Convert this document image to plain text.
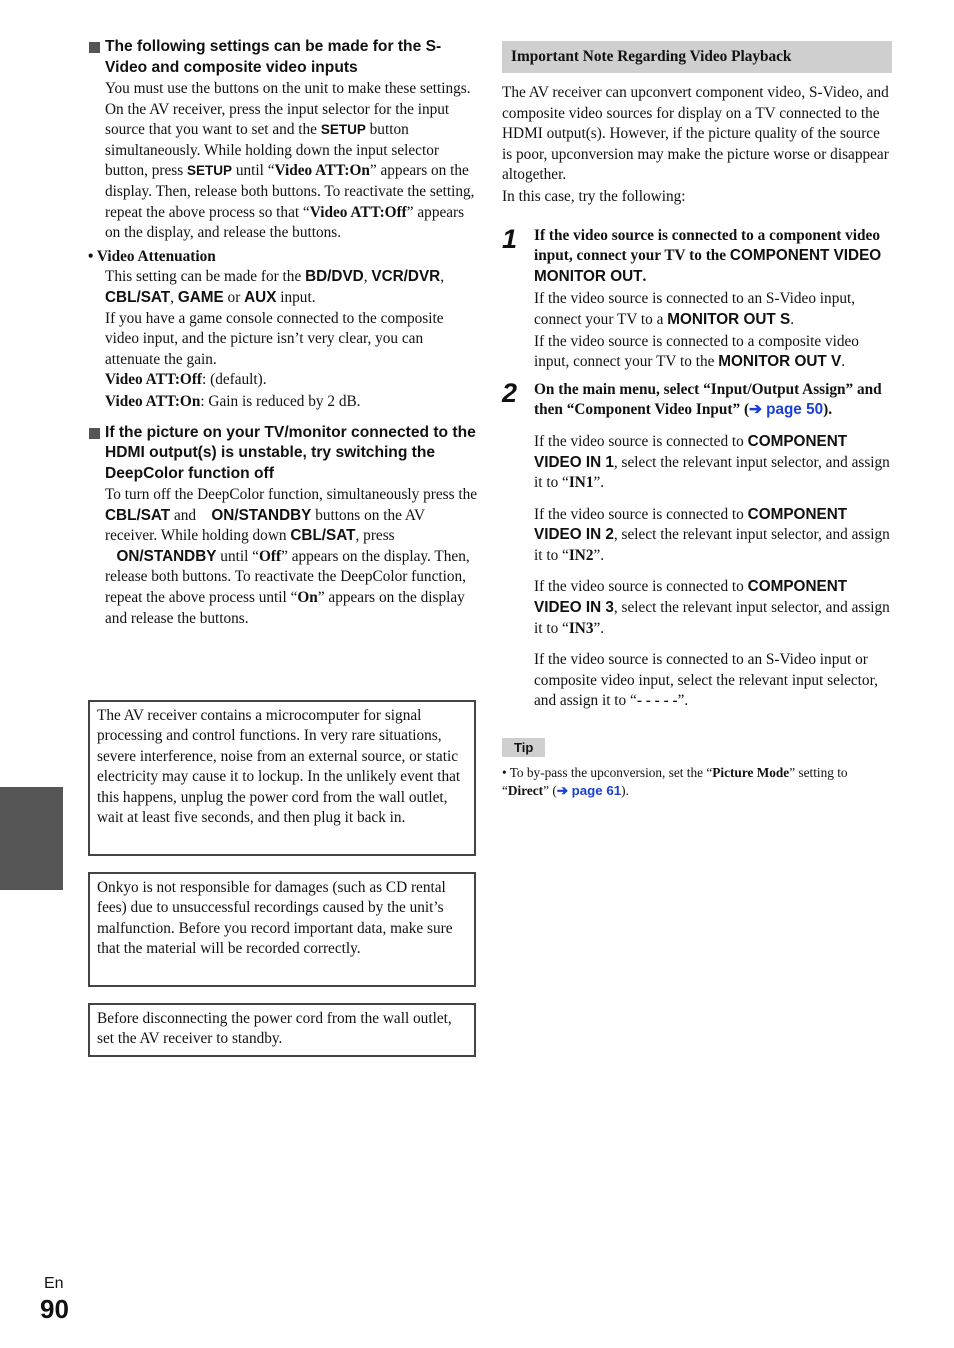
The following settings can be made for the S-Video and composite video inputs

You must use the buttons on the unit to make these settings.

On the AV receiver, press the input selector for the input source that you want to set and the SETUP button simultaneously. While holding down the input selector button, press SETUP until “Video ATT:On” appears on the display. Then, release both buttons. To reactivate the setting, repeat the above process so that “Video ATT:Off” appears on the display, and release the buttons.

• Video Attenuation

This setting can be made for the BD/DVD, VCR/DVR, CBL/SAT, GAME or AUX input.

If you have a game console connected to the composite video input, and the picture isn’t very clear, you can attenuate the gain.

Video ATT:Off: (default).

Video ATT:On: Gain is reduced by 2 dB.

If the picture on your TV/monitor connected to the HDMI output(s) is unstable, try switching the DeepColor function off

To turn off the DeepColor function, simultaneously press the CBL/SAT and    ON/STANDBY buttons on the AV receiver. While holding down CBL/SAT, press
ON/STANDBY until “Off” appears on the display. Then, release both buttons. To reactivate the DeepColor function, repeat the above process until “On” appears on the display and release the buttons.

The AV receiver contains a microcomputer for signal processing and control functions. In very rare situations, severe interference, noise from an external source, or static electricity may cause it to lockup. In the unlikely event that this happens, unplug the power cord from the wall outlet, wait at least five seconds, and then plug it back in.
Onkyo is not responsible for damages (such as CD rental fees) due to unsuccessful recordings caused by the unit’s malfunction. Before you record important data, make sure that the material will be recorded correctly.
Before disconnecting the power cord from the wall outlet, set the AV receiver to standby.
Important Note Regarding Video Playback

The AV receiver can upconvert component video, S-Video, and composite video sources for display on a TV connected to the HDMI output(s). However, if the picture quality of the source is poor, upconversion may make the picture worse or disappear altogether.

In this case, try the following:

1 If the video source is connected to a component video input, connect your TV to the COMPONENT VIDEO MONITOR OUT.

If the video source is connected to an S-Video input, connect your TV to a MONITOR OUT S.

If the video source is connected to a composite video input, connect your TV to the MONITOR OUT V.

2 On the main menu, select “Input/Output Assign” and then “Component Video Input” (➔ page 50).

If the video source is connected to COMPONENT VIDEO IN 1, select the relevant input selector, and assign it to “IN1”.

If the video source is connected to COMPONENT VIDEO IN 2, select the relevant input selector, and assign it to “IN2”.

If the video source is connected to COMPONENT VIDEO IN 3, select the relevant input selector, and assign it to “IN3”.

If the video source is connected to an S-Video input or composite video input, select the relevant input selector, and assign it to “- - - - -”.

Tip

• To by-pass the upconversion, set the “Picture Mode” setting to “Direct” (➔ page 61).

En
90
